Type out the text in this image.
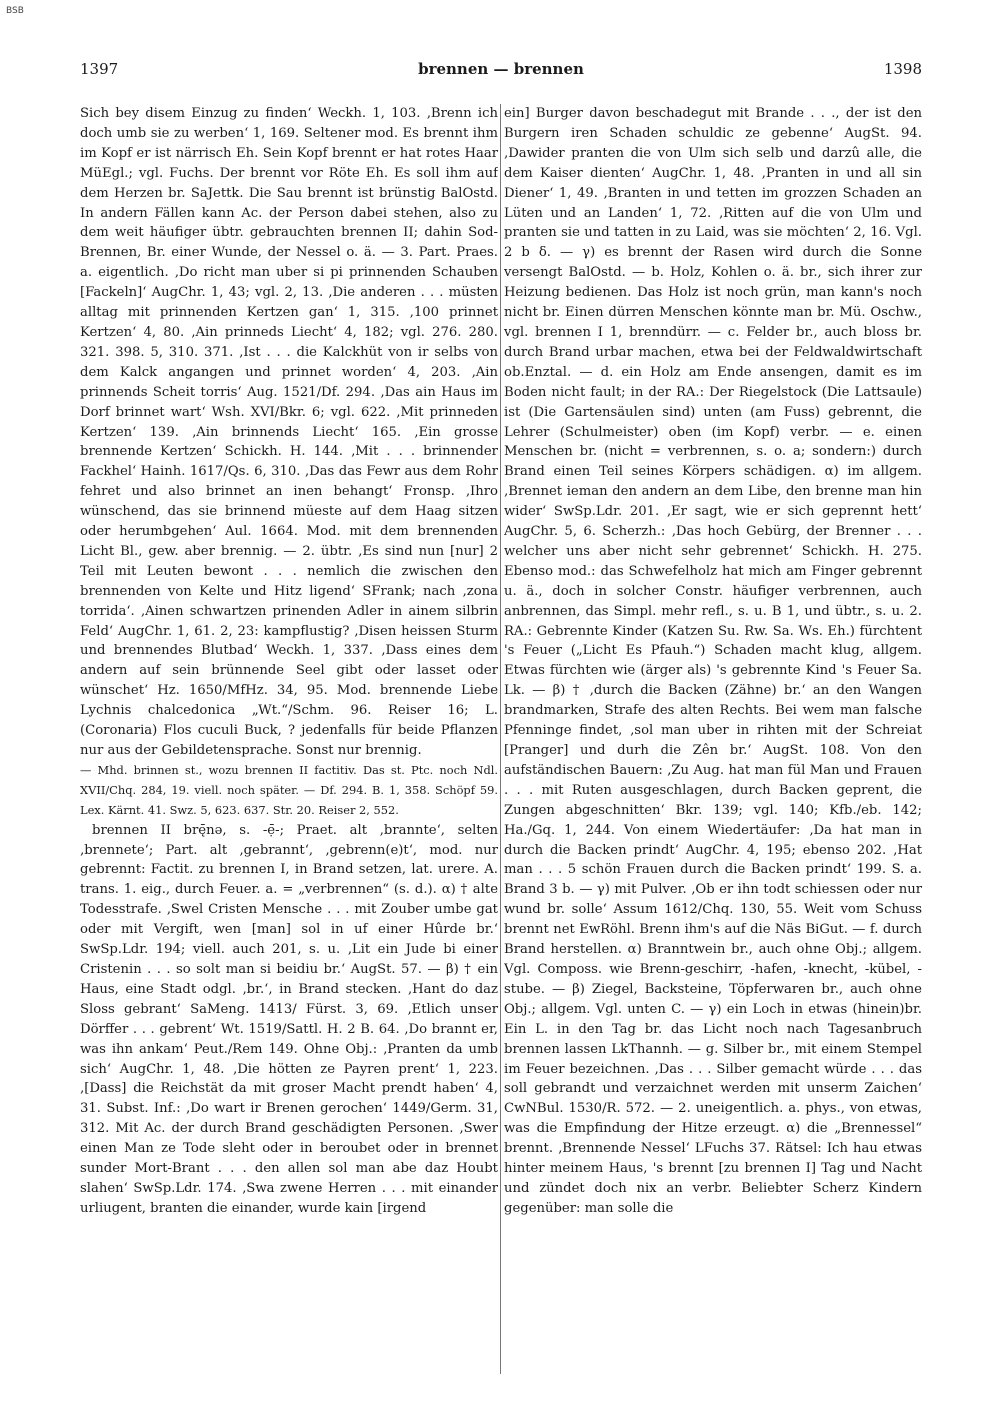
BSB
1397	brennen — brennen	1398

Sich bey disem Einzug zu finden‘ Weckh. 1, 103. ‚Brenn ich doch umb sie zu werben‘ 1, 169. Seltener mod. Es brennt ihm im Kopf er ist närrisch Eh. Sein Kopf brennt er hat rotes Haar MüEgl.; vgl. Fuchs. Der brennt vor Röte Eh. Es soll ihm auf dem Herzen br. SaJettk. Die Sau brennt ist brünstig BalOstd. In andern Fällen kann Ac. der Person dabei stehen, also zu dem weit häufiger übtr. gebrauchten brennen II; dahin Sod-Brennen, Br. einer Wunde, der Nessel o. ä. — 3. Part. Praes. a. eigentlich. ‚Do richt man uber si pi prinnenden Schauben [Fackeln]‘ AugChr. 1, 43; vgl. 2, 13. ‚Die anderen . . . müsten alltag mit prinnenden Kertzen gan‘ 1, 315. ‚100 prinnet Kertzen‘ 4, 80. ‚Ain prinneds Liecht‘ 4, 182; vgl. 276. 280. 321. 398. 5, 310. 371. ‚Ist . . . die Kalckhüt von ir selbs von dem Kalck angangen und prinnet worden‘ 4, 203. ‚Ain prinnends Scheit torris‘ Aug. 1521/Df. 294. ‚Das ain Haus im Dorf brinnet wart‘ Wsh. XVI/Bkr. 6; vgl. 622. ‚Mit prinneden Kertzen‘ 139. ‚Ain brinnends Liecht‘ 165. ‚Ein grosse brennende Kertzen‘ Schickh. H. 144. ‚Mit . . . brinnender Fackhel‘ Hainh. 1617/Qs. 6, 310. ‚Das das Fewr aus dem Rohr fehret und also brinnet an inen behangt‘ Fronsp. ‚Ihro wünschend, das sie brinnend müeste auf dem Haag sitzen oder herumbgehen‘ Aul. 1664. Mod. mit dem brennenden Licht Bl., gew. aber brennig. — 2. übtr. ‚Es sind nun [nur] 2 Teil mit Leuten bewont . . . nemlich die zwischen den brennenden von Kelte und Hitz ligend‘ SFrank; nach ‚zona torrida‘. ‚Ainen schwartzen prinenden Adler in ainem silbrin Feld‘ AugChr. 1, 61. 2, 23: kampflustig? ‚Disen heissen Sturm und brennendes Blutbad‘ Weckh. 1, 337. ‚Dass eines dem andern auf sein brünnende Seel gibt oder lasset oder wünschet‘ Hz. 1650/MfHz. 34, 95. Mod. brennende Liebe Lychnis chalcedonica „Wt.“/Schm. 96. Reiser 16; L. (Coronaria) Flos cuculi Buck, ? jedenfalls für beide Pflanzen nur aus der Gebildetensprache. Sonst nur brennig.

— Mhd. brinnen st., wozu brennen II factitiv. Das st. Ptc. noch Ndl. XVII/Chq. 284, 19. viell. noch später. — Df. 294. B. 1, 358. Schöpf 59. Lex. Kärnt. 41. Swz. 5, 623. 637. Str. 20. Reiser 2, 552.

brennen II brę̄nə, s. -ẹ̄-; Praet. alt ‚brannte‘, selten ‚brennete‘; Part. alt ‚gebrannt‘, ‚gebrenn(e)t‘, mod. nur gebrennt: Factit. zu brennen I, in Brand setzen, lat. urere. A. trans. 1. eig., durch Feuer. a. = „verbrennen“ (s. d.). α) † alte Todesstrafe. ‚Swel Cristen Mensche . . . mit Zouber umbe gat oder mit Vergift, wen [man] sol in uf einer Hûrde br.‘ SwSp.Ldr. 194; viell. auch 201, s. u. ‚Lit ein Jude bi einer Cristenin . . . so solt man si beidiu br.‘ AugSt. 57. — β) † ein Haus, eine Stadt odgl. ‚br.‘, in Brand stecken. ‚Hant do daz Sloss gebrant‘ SaMeng. 1413/ Fürst. 3, 69. ‚Etlich unser Dörffer . . . gebrent‘ Wt. 1519/Sattl. H. 2 B. 64. ‚Do brannt er, was ihn ankam‘ Peut./Rem 149. Ohne Obj.: ‚Pranten da umb sich‘ AugChr. 1, 48. ‚Die hötten ze Payren prent‘ 1, 223. ‚[Dass] die Reichstät da mit groser Macht prendt haben‘ 4, 31. Subst. Inf.: ‚Do wart ir Brenen gerochen‘ 1449/Germ. 31, 312. Mit Ac. der durch Brand geschädigten Personen. ‚Swer einen Man ze Tode sleht oder in beroubet oder in brennet sunder Mort-Brant . . . den allen sol man abe daz Houbt slahen‘ SwSp.Ldr. 174. ‚Swa zwene Herren . . . mit einander urliugent, branten die einander, wurde kain [irgend

ein] Burger davon beschadegut mit Brande . . ., der ist den Burgern iren Schaden schuldic ze gebenne‘ AugSt. 94. ‚Dawider pranten die von Ulm sich selb und darzû alle, die dem Kaiser dienten‘ AugChr. 1, 48. ‚Pranten in und all sin Diener‘ 1, 49. ‚Branten in und tetten im grozzen Schaden an Lüten und an Landen‘ 1, 72. ‚Ritten auf die von Ulm und pranten sie und tatten in zu Laid, was sie möchten‘ 2, 16. Vgl. 2 b δ. — γ) es brennt der Rasen wird durch die Sonne versengt BalOstd. — b. Holz, Kohlen o. ä. br., sich ihrer zur Heizung bedienen. Das Holz ist noch grün, man kann's noch nicht br. Einen dürren Menschen könnte man br. Mü. Oschw., vgl. brennen I 1, brenndürr. — c. Felder br., auch bloss br. durch Brand urbar machen, etwa bei der Feldwaldwirtschaft ob.Enztal. — d. ein Holz am Ende ansengen, damit es im Boden nicht fault; in der RA.: Der Riegelstock (Die Lattsaule) ist (Die Gartensäulen sind) unten (am Fuss) gebrennt, die Lehrer (Schulmeister) oben (im Kopf) verbr. — e. einen Menschen br. (nicht = verbrennen, s. o. a; sondern:) durch Brand einen Teil seines Körpers schädigen. α) im allgem. ‚Brennet ieman den andern an dem Libe, den brenne man hin wider‘ SwSp.Ldr. 201. ‚Er sagt, wie er sich geprennt hett‘ AugChr. 5, 6. Scherzh.: ‚Das hoch Gebürg, der Brenner . . . welcher uns aber nicht sehr gebrennet‘ Schickh. H. 275. Ebenso mod.: das Schwefelholz hat mich am Finger gebrennt u. ä., doch in solcher Constr. häufiger verbrennen, auch anbrennen, das Simpl. mehr refl., s. u. B 1, und übtr., s. u. 2. RA.: Gebrennte Kinder (Katzen Su. Rw. Sa. Ws. Eh.) fürchtent 's Feuer („Licht Es Pfauh.“) Schaden macht klug, allgem. Etwas fürchten wie (ärger als) 's gebrennte Kind 's Feuer Sa. Lk. — β) † ‚durch die Backen (Zähne) br.‘ an den Wangen brandmarken, Strafe des alten Rechts. Bei wem man falsche Pfenninge findet, ‚sol man uber in rihten mit der Schreiat [Pranger] und durh die Zên br.‘ AugSt. 108. Von den aufständischen Bauern: ‚Zu Aug. hat man fül Man und Frauen . . . mit Ruten ausgeschlagen, durch Backen geprent, die Zungen abgeschnitten‘ Bkr. 139; vgl. 140; Kfb./eb. 142; Ha./Gq. 1, 244. Von einem Wiedertäufer: ‚Da hat man in durch die Backen prindt‘ AugChr. 4, 195; ebenso 202. ‚Hat man . . . 5 schön Frauen durch die Backen prindt‘ 199. S. a. Brand 3 b. — γ) mit Pulver. ‚Ob er ihn todt schiessen oder nur wund br. solle‘ Assum 1612/Chq. 130, 55. Weit vom Schuss brennt net EwRöhl. Brenn ihm's auf die Näs BiGut. — f. durch Brand herstellen. α) Branntwein br., auch ohne Obj.; allgem. Vgl. Composs. wie Brenn-geschirr, -hafen, -knecht, -kübel, -stube. — β) Ziegel, Backsteine, Töpferwaren br., auch ohne Obj.; allgem. Vgl. unten C. — γ) ein Loch in etwas (hinein)br. Ein L. in den Tag br. das Licht noch nach Tagesanbruch brennen lassen LkThannh. — g. Silber br., mit einem Stempel im Feuer bezeichnen. ‚Das . . . Silber gemacht würde . . . das soll gebrandt und verzaichnet werden mit unserm Zaichen‘ CwNBul. 1530/R. 572. — 2. uneigentlich. a. phys., von etwas, was die Empfindung der Hitze erzeugt. α) die „Brennessel“ brennt. ‚Brennende Nessel‘ LFuchs 37. Rätsel: Ich hau etwas hinter meinem Haus, 's brennt [zu brennen I] Tag und Nacht und zündet doch nix an verbr. Beliebter Scherz Kindern gegenüber: man solle die
